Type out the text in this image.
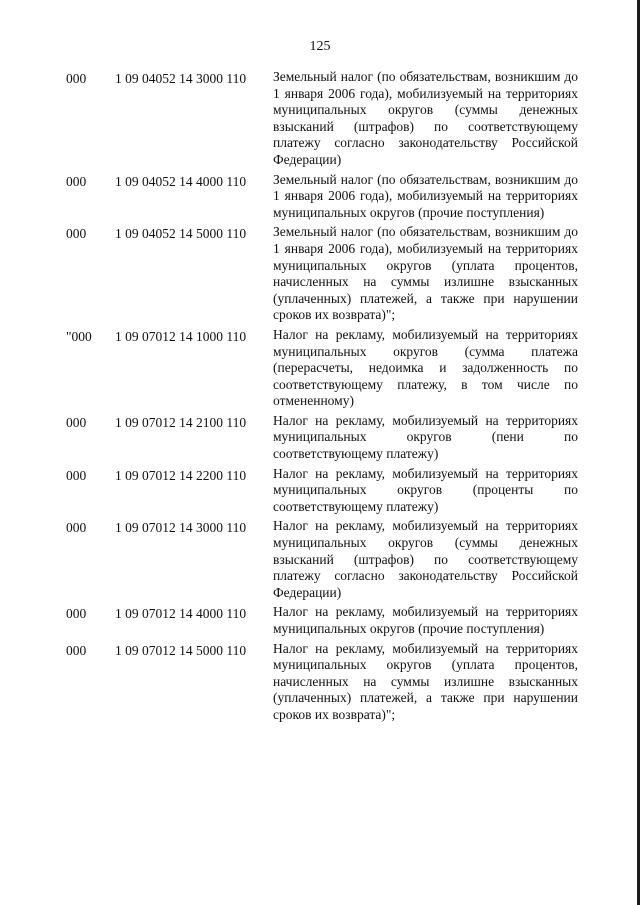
125
000	1 09 04052 14 3000 110	Земельный налог (по обязательствам, возникшим до 1 января 2006 года), мобилизуемый на территориях муниципальных округов (суммы денежных взысканий (штрафов) по соответствующему платежу согласно законодательству Российской Федерации)
000	1 09 04052 14 4000 110	Земельный налог (по обязательствам, возникшим до 1 января 2006 года), мобилизуемый на территориях муниципальных округов (прочие поступления)
000	1 09 04052 14 5000 110	Земельный налог (по обязательствам, возникшим до 1 января 2006 года), мобилизуемый на территориях муниципальных округов (уплата процентов, начисленных на суммы излишне взысканных (уплаченных) платежей, а также при нарушении сроков их возврата)";
"000	1 09 07012 14 1000 110	Налог на рекламу, мобилизуемый на территориях муниципальных округов (сумма платежа (перерасчеты, недоимка и задолженность по соответствующему платежу, в том числе по отмененному)
000	1 09 07012 14 2100 110	Налог на рекламу, мобилизуемый на территориях муниципальных округов (пени по соответствующему платежу)
000	1 09 07012 14 2200 110	Налог на рекламу, мобилизуемый на территориях муниципальных округов (проценты по соответствующему платежу)
000	1 09 07012 14 3000 110	Налог на рекламу, мобилизуемый на территориях муниципальных округов (суммы денежных взысканий (штрафов) по соответствующему платежу согласно законодательству Российской Федерации)
000	1 09 07012 14 4000 110	Налог на рекламу, мобилизуемый на территориях муниципальных округов (прочие поступления)
000	1 09 07012 14 5000 110	Налог на рекламу, мобилизуемый на территориях муниципальных округов (уплата процентов, начисленных на суммы излишне взысканных (уплаченных) платежей, а также при нарушении сроков их возврата)";
